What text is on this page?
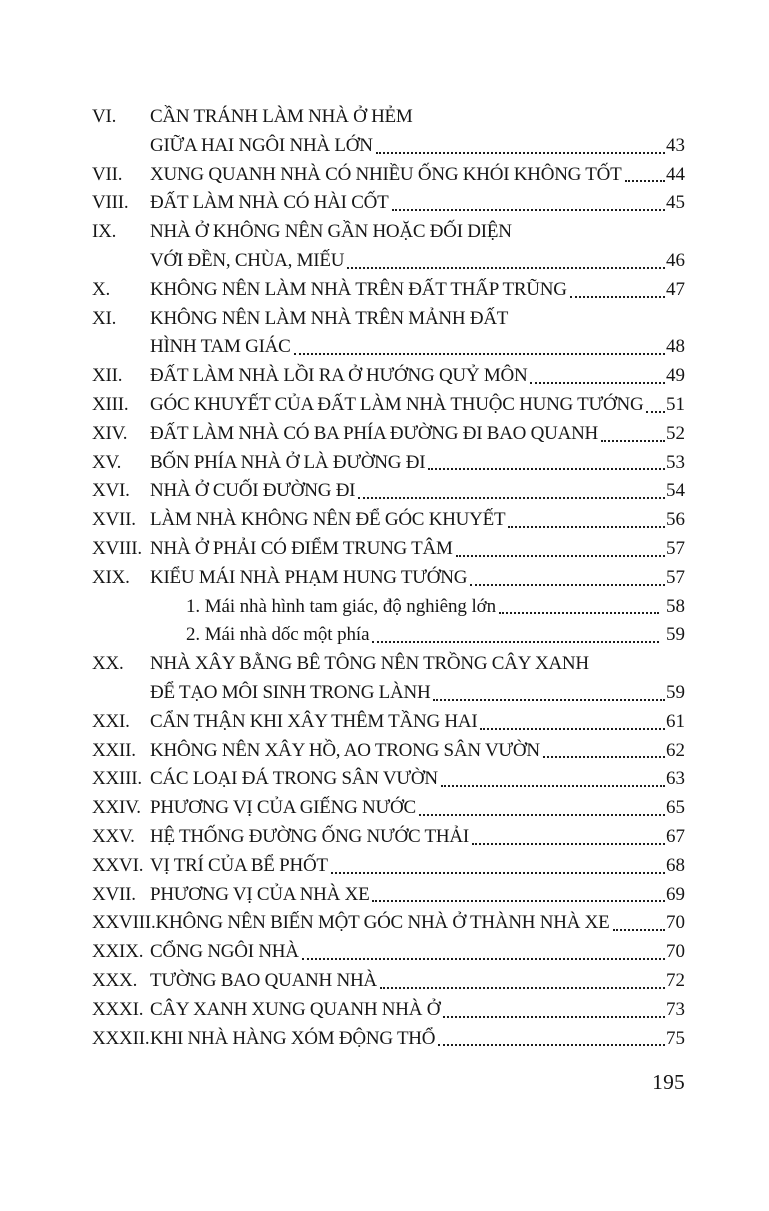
VI.	CẦN TRÁNH LÀM NHÀ Ở HẺM
GIỮA HAI NGÔI NHÀ LỚN	43
VII.	XUNG QUANH NHÀ CÓ NHIỀU ỐNG KHÓI KHÔNG TỐT 44
VIII.	ĐẤT LÀM NHÀ CÓ HÀI CỐT	45
IX.	NHÀ Ở KHÔNG NÊN GẦN HOẶC ĐỐI DIỆN
VỚI ĐỀN, CHÙA, MIẾU	46
X.	KHÔNG NÊN LÀM NHÀ TRÊN ĐẤT THẤP TRŨNG	47
XI.	KHÔNG NÊN LÀM NHÀ TRÊN MẢNH ĐẤT
HÌNH TAM GIÁC	48
XII.	ĐẤT LÀM NHÀ LỒI RA Ở HƯỚNG QUỶ MÔN	49
XIII.	GÓC KHUYẾT CỦA ĐẤT LÀM NHÀ THUỘC HUNG TƯỚNG 51
XIV.	ĐẤT LÀM NHÀ CÓ BA PHÍA ĐƯỜNG ĐI BAO QUANH	52
XV.	BỐN PHÍA NHÀ Ở LÀ ĐƯỜNG ĐI	53
XVI.	NHÀ Ở CUỐI ĐƯỜNG ĐI	54
XVII. LÀM NHÀ KHÔNG NÊN ĐỂ GÓC KHUYẾT	56
XVIII. NHÀ Ở PHẢI CÓ ĐIỂM TRUNG TÂM	57
XIX.	KIỂU MÁI NHÀ PHẠM HUNG TƯỚNG	57
1. Mái nhà hình tam giác, độ nghiêng lớn	58
2. Mái nhà dốc một phía	59
XX.	NHÀ XÂY BẰNG BÊ TÔNG NÊN TRỒNG CÂY XANH
ĐỂ TẠO MÔI SINH TRONG LÀNH	59
XXI.	CẨN THẬN KHI XÂY THÊM TẦNG HAI	61
XXII. KHÔNG NÊN XÂY HỒ, AO TRONG SÂN VƯỜN	62
XXIII. CÁC LOẠI ĐÁ TRONG SÂN VƯỜN	63
XXIV. PHƯƠNG VỊ CỦA GIẾNG NƯỚC	65
XXV. HỆ THỐNG ĐƯỜNG ỐNG NƯỚC THẢI	67
XXVI. VỊ TRÍ CỦA BỂ PHỐT	68
XVII. PHƯƠNG VỊ CỦA NHÀ XE	69
XXVIII. KHÔNG NÊN BIẾN MỘT GÓC NHÀ Ở THÀNH NHÀ XE	70
XXIX. CỔNG NGÔI NHÀ	70
XXX. TƯỜNG BAO QUANH NHÀ	72
XXXI. CÂY XANH XUNG QUANH NHÀ Ở	73
XXXII. KHI NHÀ HÀNG XÓM ĐỘNG THỔ	75
195
